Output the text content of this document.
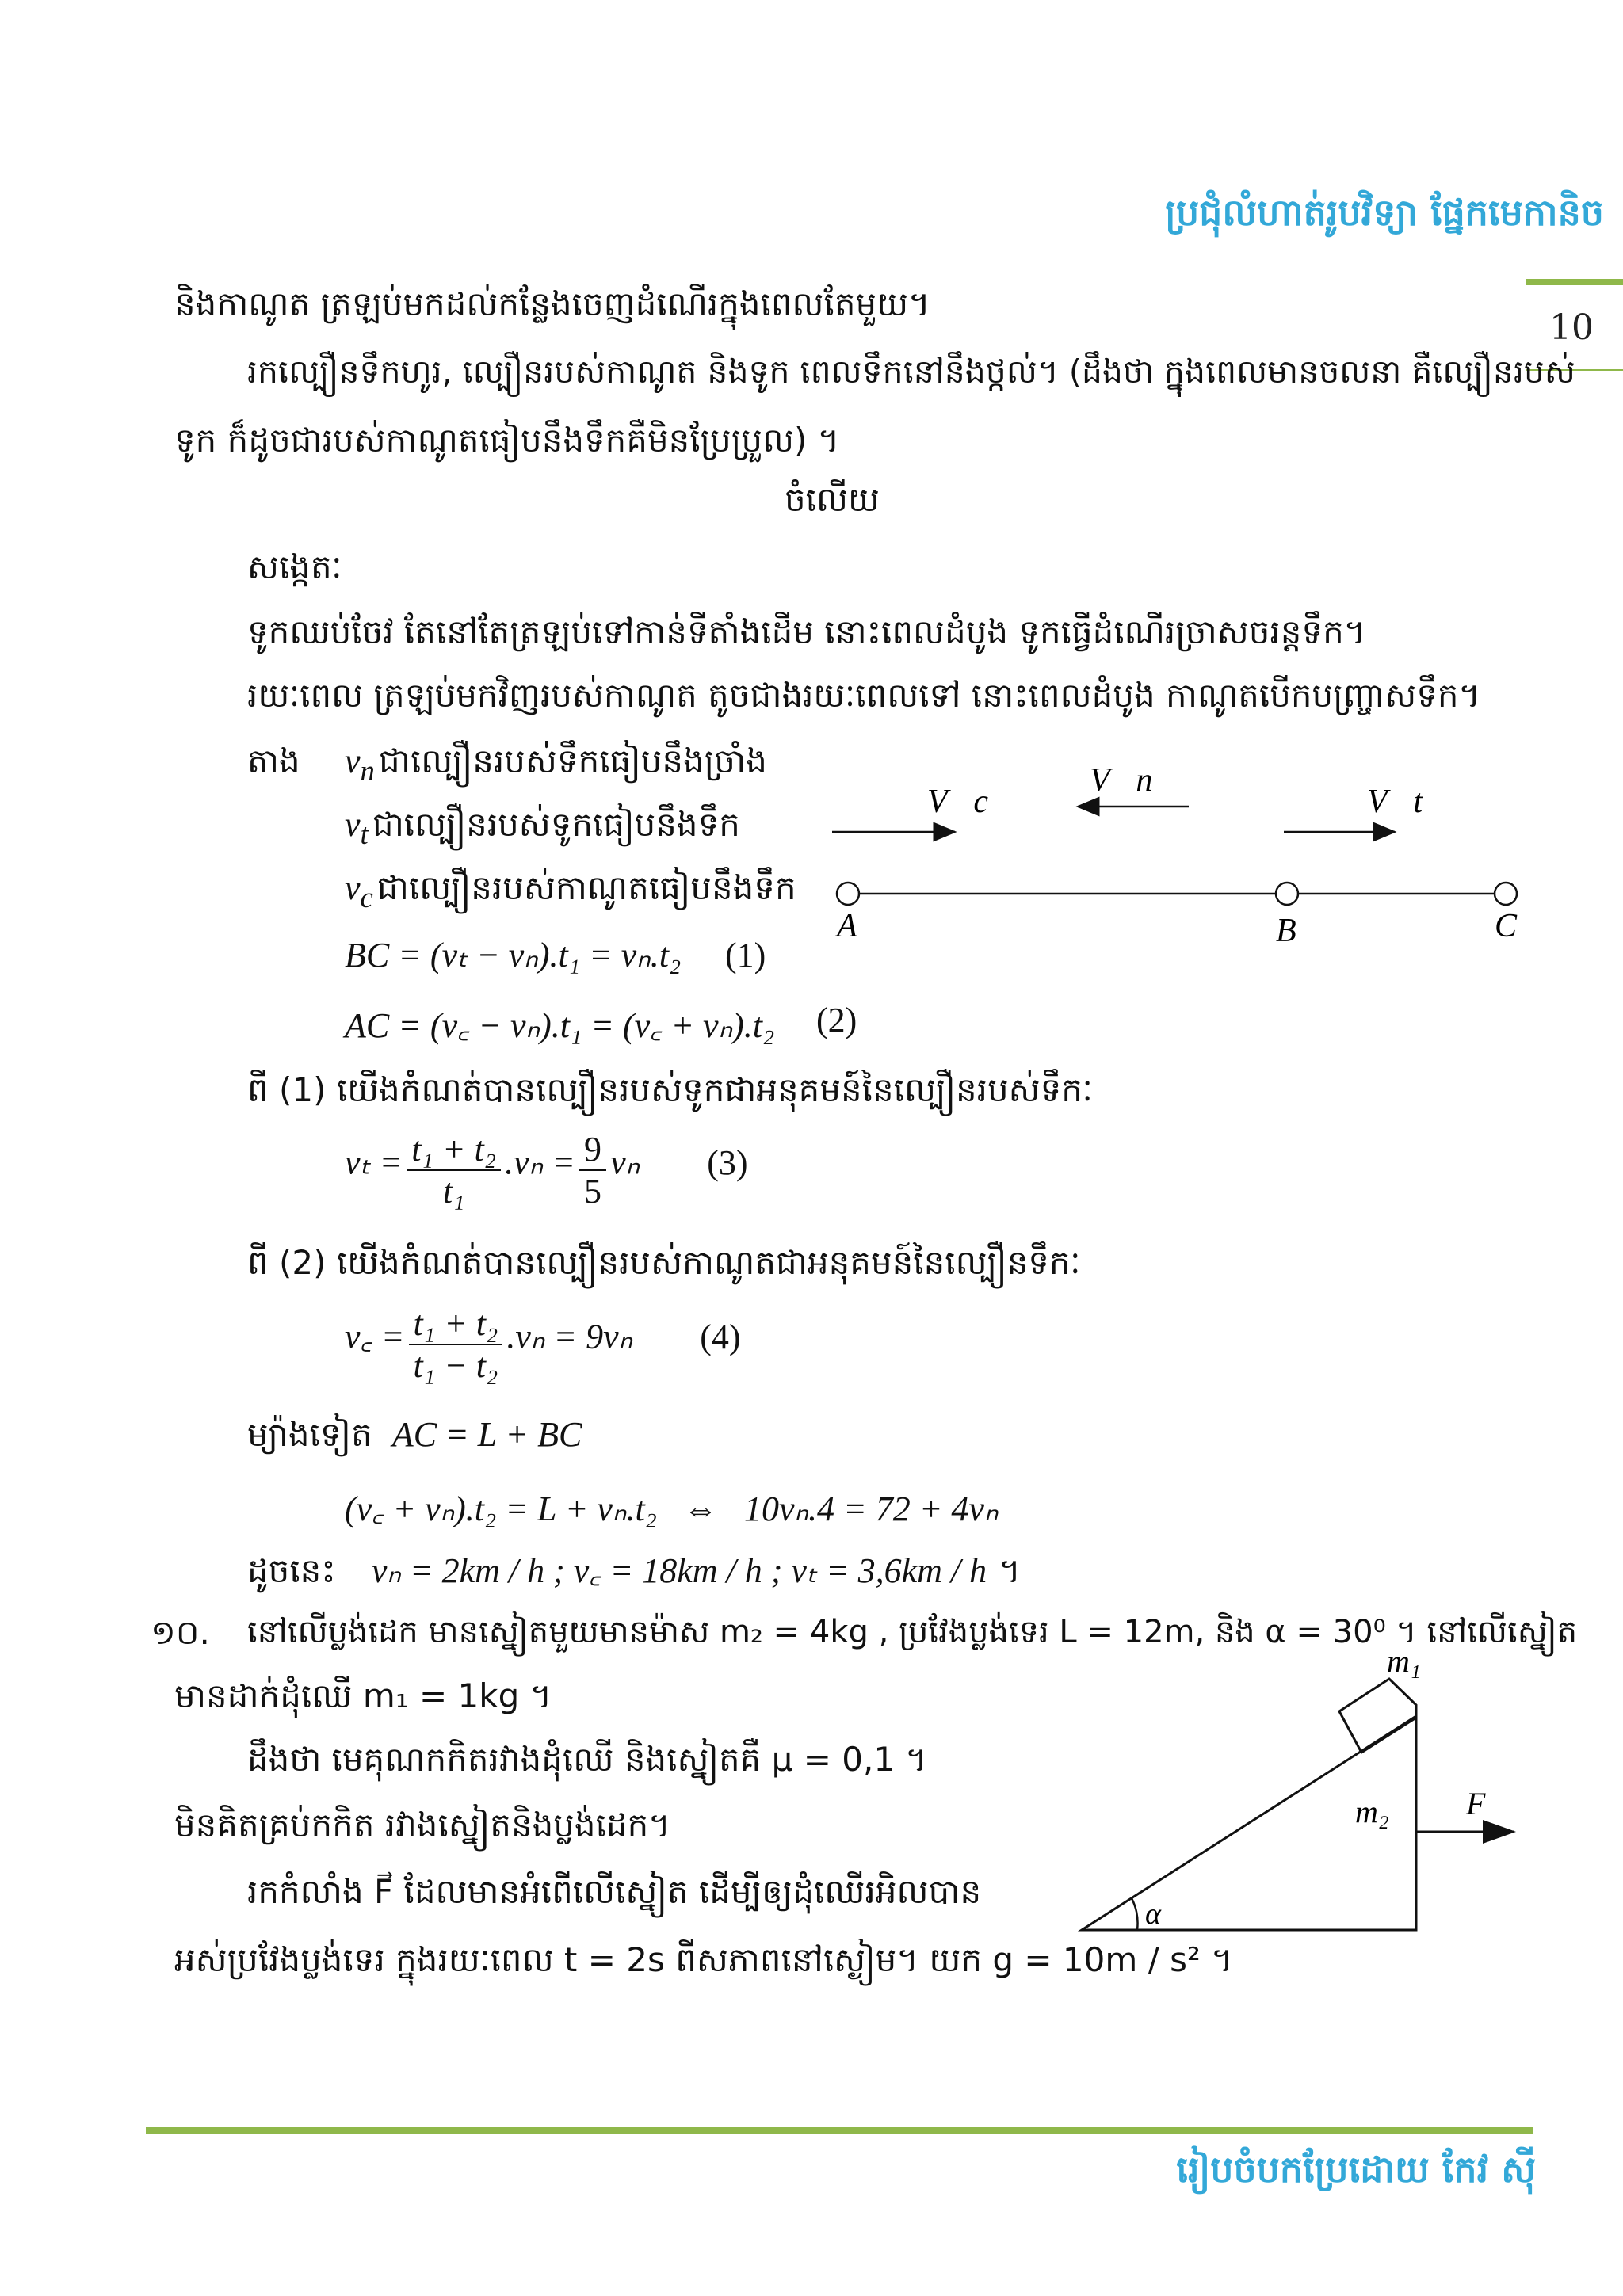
ប្រជុំលំហាត់រូបវិទ្យា ផ្នែកមេកានិច
10
និងកាណូត ត្រឡប់មកដល់កន្លែងចេញដំណើរក្នុងពេលតែមួយ។
រកល្បឿនទឹកហូរ, ល្បឿនរបស់កាណូត និងទូក ពេលទឹកនៅនឹងថ្កល់។ (ដឹងថា ក្នុងពេលមានចលនា គឺល្បឿនរបស់
ទូក ក៏ដូចជារបស់កាណូតធៀបនឹងទឹកគឺមិនប្រែប្រួល) ។
ចំលើយ
សង្កេតៈ
ទូកឈប់ចែវ តែនៅតែត្រឡប់ទៅកាន់ទីតាំងដើម នោះពេលដំបូង ទូកធ្វើដំណើរច្រាសចរន្តទឹក។
រយៈពេល ត្រឡប់មកវិញរបស់កាណូត តូចជាងរយៈពេលទៅ នោះពេលដំបូង កាណូតបើកបញ្ច្រាសទឹក។
តាង $v_n$ ជាល្បឿនរបស់ទឹកធៀបនឹងច្រាំង
$v_t$ ជាល្បឿនរបស់ទូកធៀបនឹងទឹក
$v_c$ ជាល្បឿនរបស់កាណូតធៀបនឹងទឹក
BC = (vₜ − vₙ).t₁ = vₙ.t₂ (1)
AC = (v꜀ − vₙ).t₁ = (v꜀ + vₙ).t₂ (2)
V⃗c
V⃗n
V⃗t
A	B	C
ពី (1) យើងកំណត់បានល្បឿនរបស់ទូកជាអនុគមន៍នៃល្បឿនរបស់ទឹកៈ
$v_t = \frac{\text{t₁ + t₂}}{\text{t₁}} .v_n = \frac{9}{5}$ vₙ (3)
ពី (2) យើងកំណត់បានល្បឿនរបស់កាណូតជាអនុគមន៍នៃល្បឿនទឹកៈ
v꜀ = $\frac{\text{t₁ + t₂}}{\text{t₁ − t₂}} .v_n = 9v_n$ (4)
ម្យ៉ាងទៀត AC = L + BC
(v꜀ + vₙ).t₂ = L + vₙ.t₂   ⇔   10vₙ.4 = 72 + 4vₙ
ដូចនេះ vₙ = 2km / h ; v꜀ = 18km / h ; vₜ = 3,6km / h ។
១០. នៅលើប្លង់ដេក មានស្នៀតមួយមានម៉ាស m₂ = 4kg , ប្រវែងប្លង់ទេរ L = 12m, និង α = 30⁰ ។ នៅលើស្នៀត
មានដាក់ដុំឈើ m₁ = 1kg ។
ដឹងថា មេគុណកកិតរវាងដុំឈើ និងស្នៀតគឺ μ = 0,1 ។
មិនគិតគ្រប់កកិត រវាងស្នៀតនិងប្លង់ដេក។
រកកំលាំង F⃗ ដែលមានអំពើលើស្នៀត ដើម្បីឲ្យដុំឈើរអិលបាន
អស់ប្រវែងប្លង់ទេរ ក្នុងរយៈពេល t = 2s ពីសភាពនៅស្ងៀម។ យក g = 10m / s² ។
m₁
m₂ F⃗
α
រៀបចំបកប្រែដោយ កែវ ស៊ី
